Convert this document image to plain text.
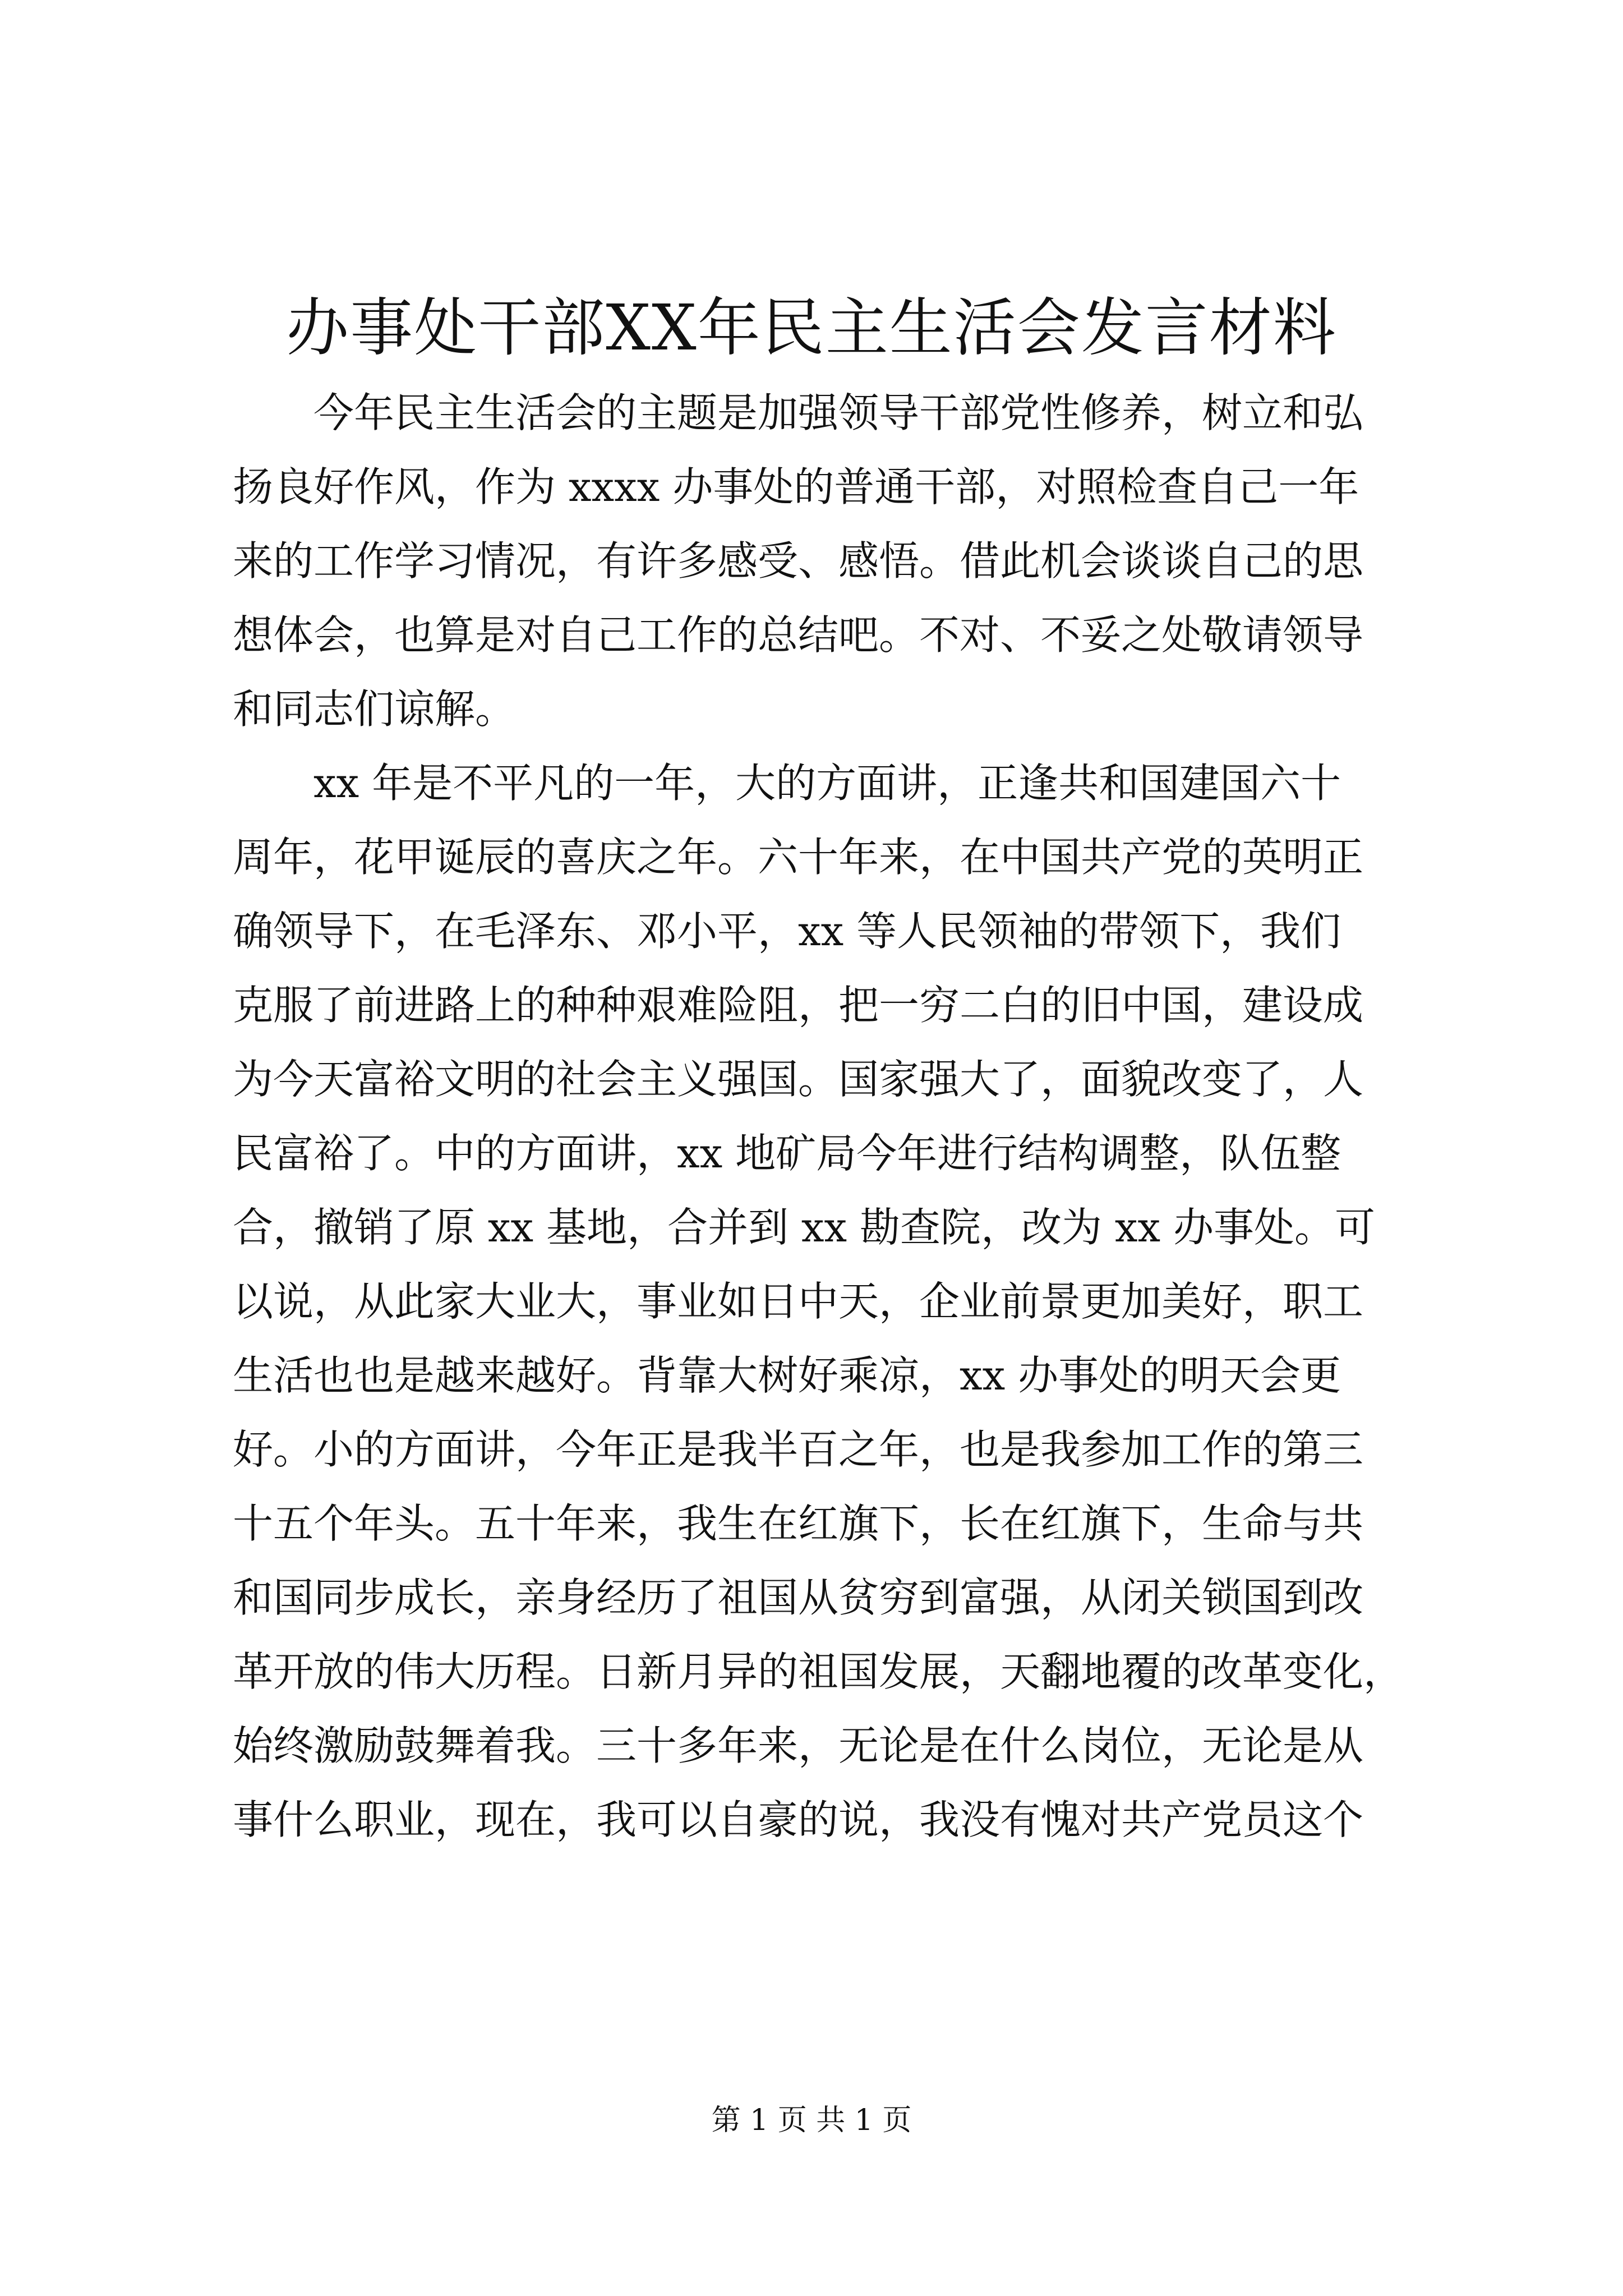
办事处干部XX年民主生活会发言材料
今年民主生活会的主题是加强领导干部党性修养，树立和弘
扬良好作风，作为 xxxx 办事处的普通干部，对照检查自己一年
来的工作学习情况，有许多感受、感悟。借此机会谈谈自己的思
想体会，也算是对自己工作的总结吧。不对、不妥之处敬请领导
和同志们谅解。
xx 年是不平凡的一年，大的方面讲，正逢共和国建国六十
周年，花甲诞辰的喜庆之年。六十年来，在中国共产党的英明正
确领导下，在毛泽东、邓小平，xx 等人民领袖的带领下，我们
克服了前进路上的种种艰难险阻，把一穷二白的旧中国，建设成
为今天富裕文明的社会主义强国。国家强大了，面貌改变了，人
民富裕了。中的方面讲，xx 地矿局今年进行结构调整，队伍整
合，撤销了原 xx 基地，合并到 xx 勘查院，改为 xx 办事处。可
以说，从此家大业大，事业如日中天，企业前景更加美好，职工
生活也也是越来越好。背靠大树好乘凉，xx 办事处的明天会更
好。小的方面讲，今年正是我半百之年，也是我参加工作的第三
十五个年头。五十年来，我生在红旗下，长在红旗下，生命与共
和国同步成长，亲身经历了祖国从贫穷到富强，从闭关锁国到改
革开放的伟大历程。日新月异的祖国发展，天翻地覆的改革变化，
始终激励鼓舞着我。三十多年来，无论是在什么岗位，无论是从
事什么职业，现在，我可以自豪的说，我没有愧对共产党员这个
第 1 页 共 1 页
